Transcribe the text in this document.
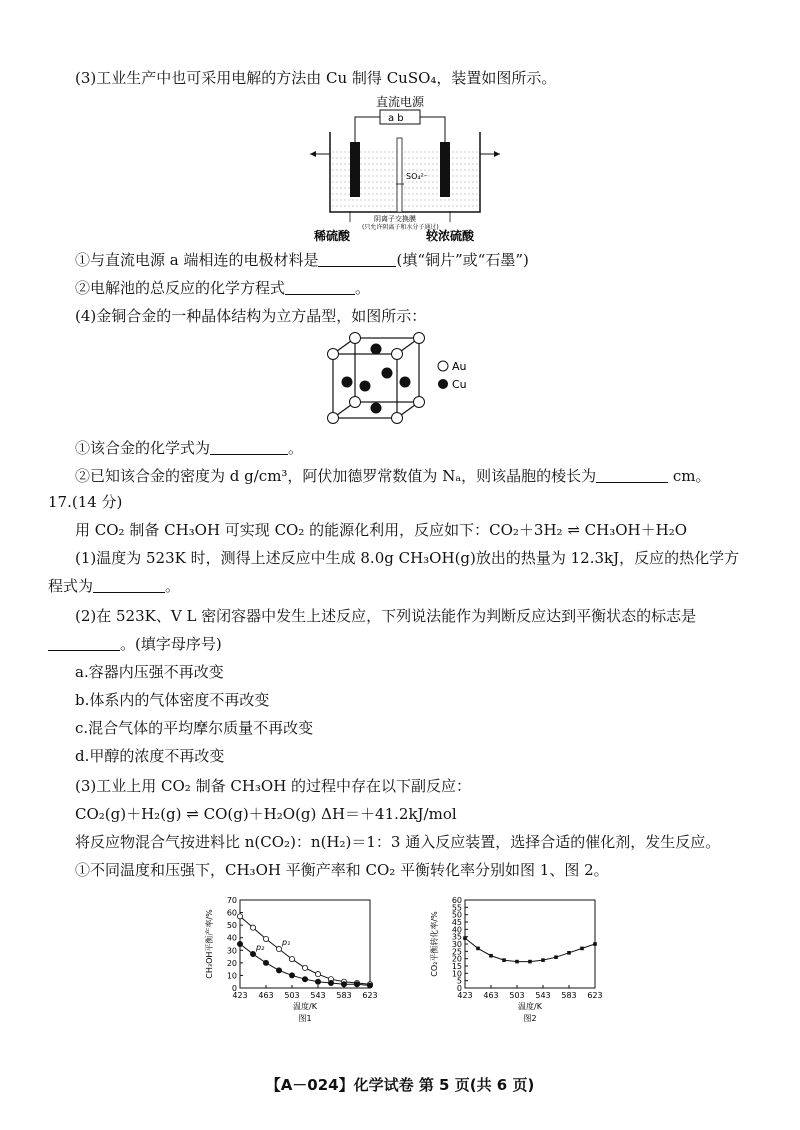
(3)工业生产中也可采用电解的方法由 Cu 制得 CuSO₄，装置如图所示。
直流电源
a b
SO₄²⁻
阴离子交换膜
(只允许阴离子和水分子通过)
稀硫酸	较浓硫酸
①与直流电源 a 端相连的电极材料是	(填“铜片”或“石墨”)
②电解池的总反应的化学方程式	。
(4)金铜合金的一种晶体结构为立方晶型，如图所示：
Au
Cu
①该合金的化学式为	。
②已知该合金的密度为 d g/cm³，阿伏加德罗常数值为 Nₐ，则该晶胞的棱长为	cm。
17.(14 分)
用 CO₂ 制备 CH₃OH 可实现 CO₂ 的能源化利用，反应如下：CO₂＋3H₂ ⇌ CH₃OH＋H₂O
(1)温度为 523K 时，测得上述反应中生成 8.0g CH₃OH(g)放出的热量为 12.3kJ，反应的热化学方
程式为	。
(2)在 523K、V L 密闭容器中发生上述反应，下列说法能作为判断反应达到平衡状态的标志是
。(填字母序号)
a.容器内压强不再改变
b.体系内的气体密度不再改变
c.混合气体的平均摩尔质量不再改变
d.甲醇的浓度不再改变
(3)工业上用 CO₂ 制备 CH₃OH 的过程中存在以下副反应：
CO₂(g)＋H₂(g) ⇌ CO(g)＋H₂O(g) ΔH＝＋41.2kJ/mol
将反应物混合气按进料比 n(CO₂)：n(H₂)＝1：3 通入反应装置，选择合适的催化剂，发生反应。
①不同温度和压强下，CH₃OH 平衡产率和 CO₂ 平衡转化率分别如图 1、图 2。
0
10
20
30
40
50
60
70
423 463 503 543 583 623
温度/K
图1
CH₃OH平衡产率/%	p₁
p₂
0
5
10
15
20
25
30
35
40
45
50
55
60
423 463 503 543 583 623
温度/K
图2
CO₂平衡转化率/%
【A－024】化学试卷 第 5 页(共 6 页)
